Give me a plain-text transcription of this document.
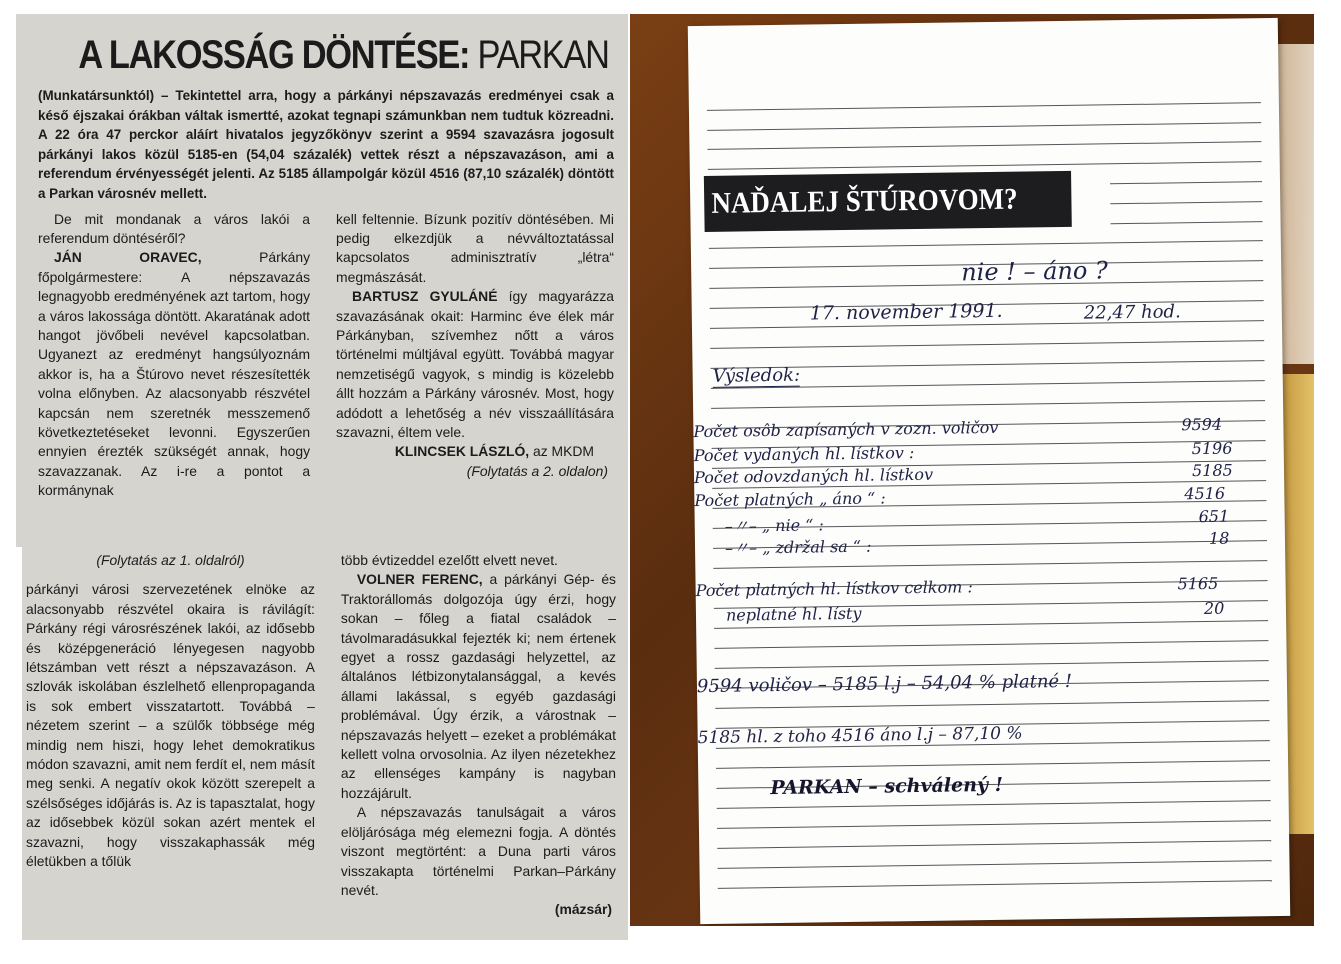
A LAKOSSÁG DÖNTÉSE: PARKAN

(Munkatársunktól) – Tekintettel arra, hogy a párkányi népszavazás eredményei csak a késő éjszakai órákban váltak ismertté, azokat tegnapi számunkban nem tudtuk közreadni. A 22 óra 47 perckor aláírt hivatalos jegyzőkönyv szerint a 9594 szavazásra jogosult párkányi lakos közül 5185-en (54,04 százalék) vettek részt a népszavazáson, ami a referendum érvényességét jelenti. Az 5185 állampolgár közül 4516 (87,10 százalék) döntött a Parkan városnév mellett.

De mit mondanak a város lakói a referendum döntéséről?

JÁN ORAVEC, Párkány főpolgármestere: A népszavazás legnagyobb eredményének azt tartom, hogy a város lakossága döntött. Akaratának adott hangot jövőbeli nevével kapcsolatban. Ugyanezt az eredményt hangsúlyoznám akkor is, ha a Štúrovo nevet részesítették volna előnyben. Az alacsonyabb részvétel kapcsán nem szeretnék messzemenő következtetéseket levonni. Egyszerűen ennyien érezték szükségét annak, hogy szavazzanak. Az i-re a pontot a kormánynak

kell feltennie. Bízunk pozitív döntésében. Mi pedig elkezdjük a névváltoztatással kapcsolatos adminisztratív „létra“ megmászását.

BARTUSZ GYULÁNÉ így magyarázza szavazásának okait: Harminc éve élek már Párkányban, szívemhez nőtt a város történelmi múltjával együtt. Továbbá magyar nemzetiségű vagyok, s mindig is közelebb állt hozzám a Párkány városnév. Most, hogy adódott a lehetőség a név visszaállítására szavazni, éltem vele.

KLINCSEK LÁSZLÓ, az MKDM

(Folytatás a 2. oldalon)

(Folytatás az 1. oldalról)

párkányi városi szervezetének elnöke az alacsonyabb részvétel okaira is rávilágít: Párkány régi városrészének lakói, az idősebb és középgeneráció lényegesen nagyobb létszámban vett részt a népszavazáson. A szlovák iskolában észlelhető ellenpropaganda is sok embert visszatartott. Továbbá – nézetem szerint – a szülők többsége még mindig nem hiszi, hogy lehet demokratikus módon szavazni, amit nem ferdít el, nem másít meg senki. A negatív okok között szerepelt a szélsőséges időjárás is. Az is tapasztalat, hogy az idősebbek közül sokan azért mentek el szavazni, hogy visszakaphassák még életükben a tőlük

több évtizeddel ezelőtt elvett nevet.

VOLNER FERENC, a párkányi Gép- és Traktorállomás dolgozója úgy érzi, hogy sokan – főleg a fiatal családok – távolmaradásukkal fejezték ki; nem értenek egyet a rossz gazdasági helyzettel, az általános létbizonytalansággal, a kevés állami lakással, s egyéb gazdasági problémával. Úgy érzik, a várostnak – népszavazás helyett – ezeket a problémákat kellett volna orvosolnia. Az ilyen nézetekhez az ellenséges kampány is nagyban hozzájárult.

A népszavazás tanulságait a város elöljárósága még elemezni fogja. A döntés viszont megtörtént: a Duna parti város visszakapta történelmi Parkan–Párkány nevét.

(mázsár)

NAĎALEJ ŠTÚROVOM?
nie ! – áno ?
17. november 1991.	22,47 hod.
Výsledok:
Počet osôb zapísaných v zozn. voličov	9594
Počet vydaných hl. lístkov :	5196
Počet odovzdaných hl. lístkov	5185
Počet platných „ áno “ :	4516
–〃– „ nie “ :	651
–〃– „ zdržal sa “ :	18
Počet platných hl. lístkov celkom :	5165
neplatné hl. lísty	20
9594 voličov – 5185 l.j – 54,04 % platné !
5185 hl. z toho 4516 áno l.j – 87,10 %
PARKAN – schválený !
